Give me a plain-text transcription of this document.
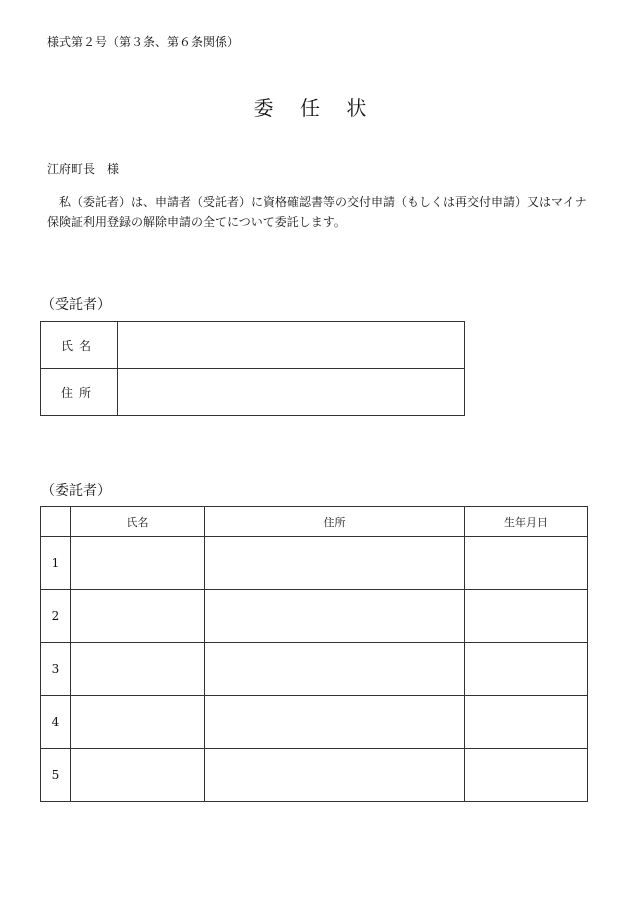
様式第２号（第３条、第６条関係）
委 任 状
江府町長　様
私（委託者）は、申請者（受託者）に資格確認書等の交付申請（もしくは再交付申請）又はマイナ保険証利用登録の解除申請の全てについて委託します。
（受託者）
氏名	
住所	
（委託者）
	氏名	住所	生年月日
1			
2			
3			
4			
5			
